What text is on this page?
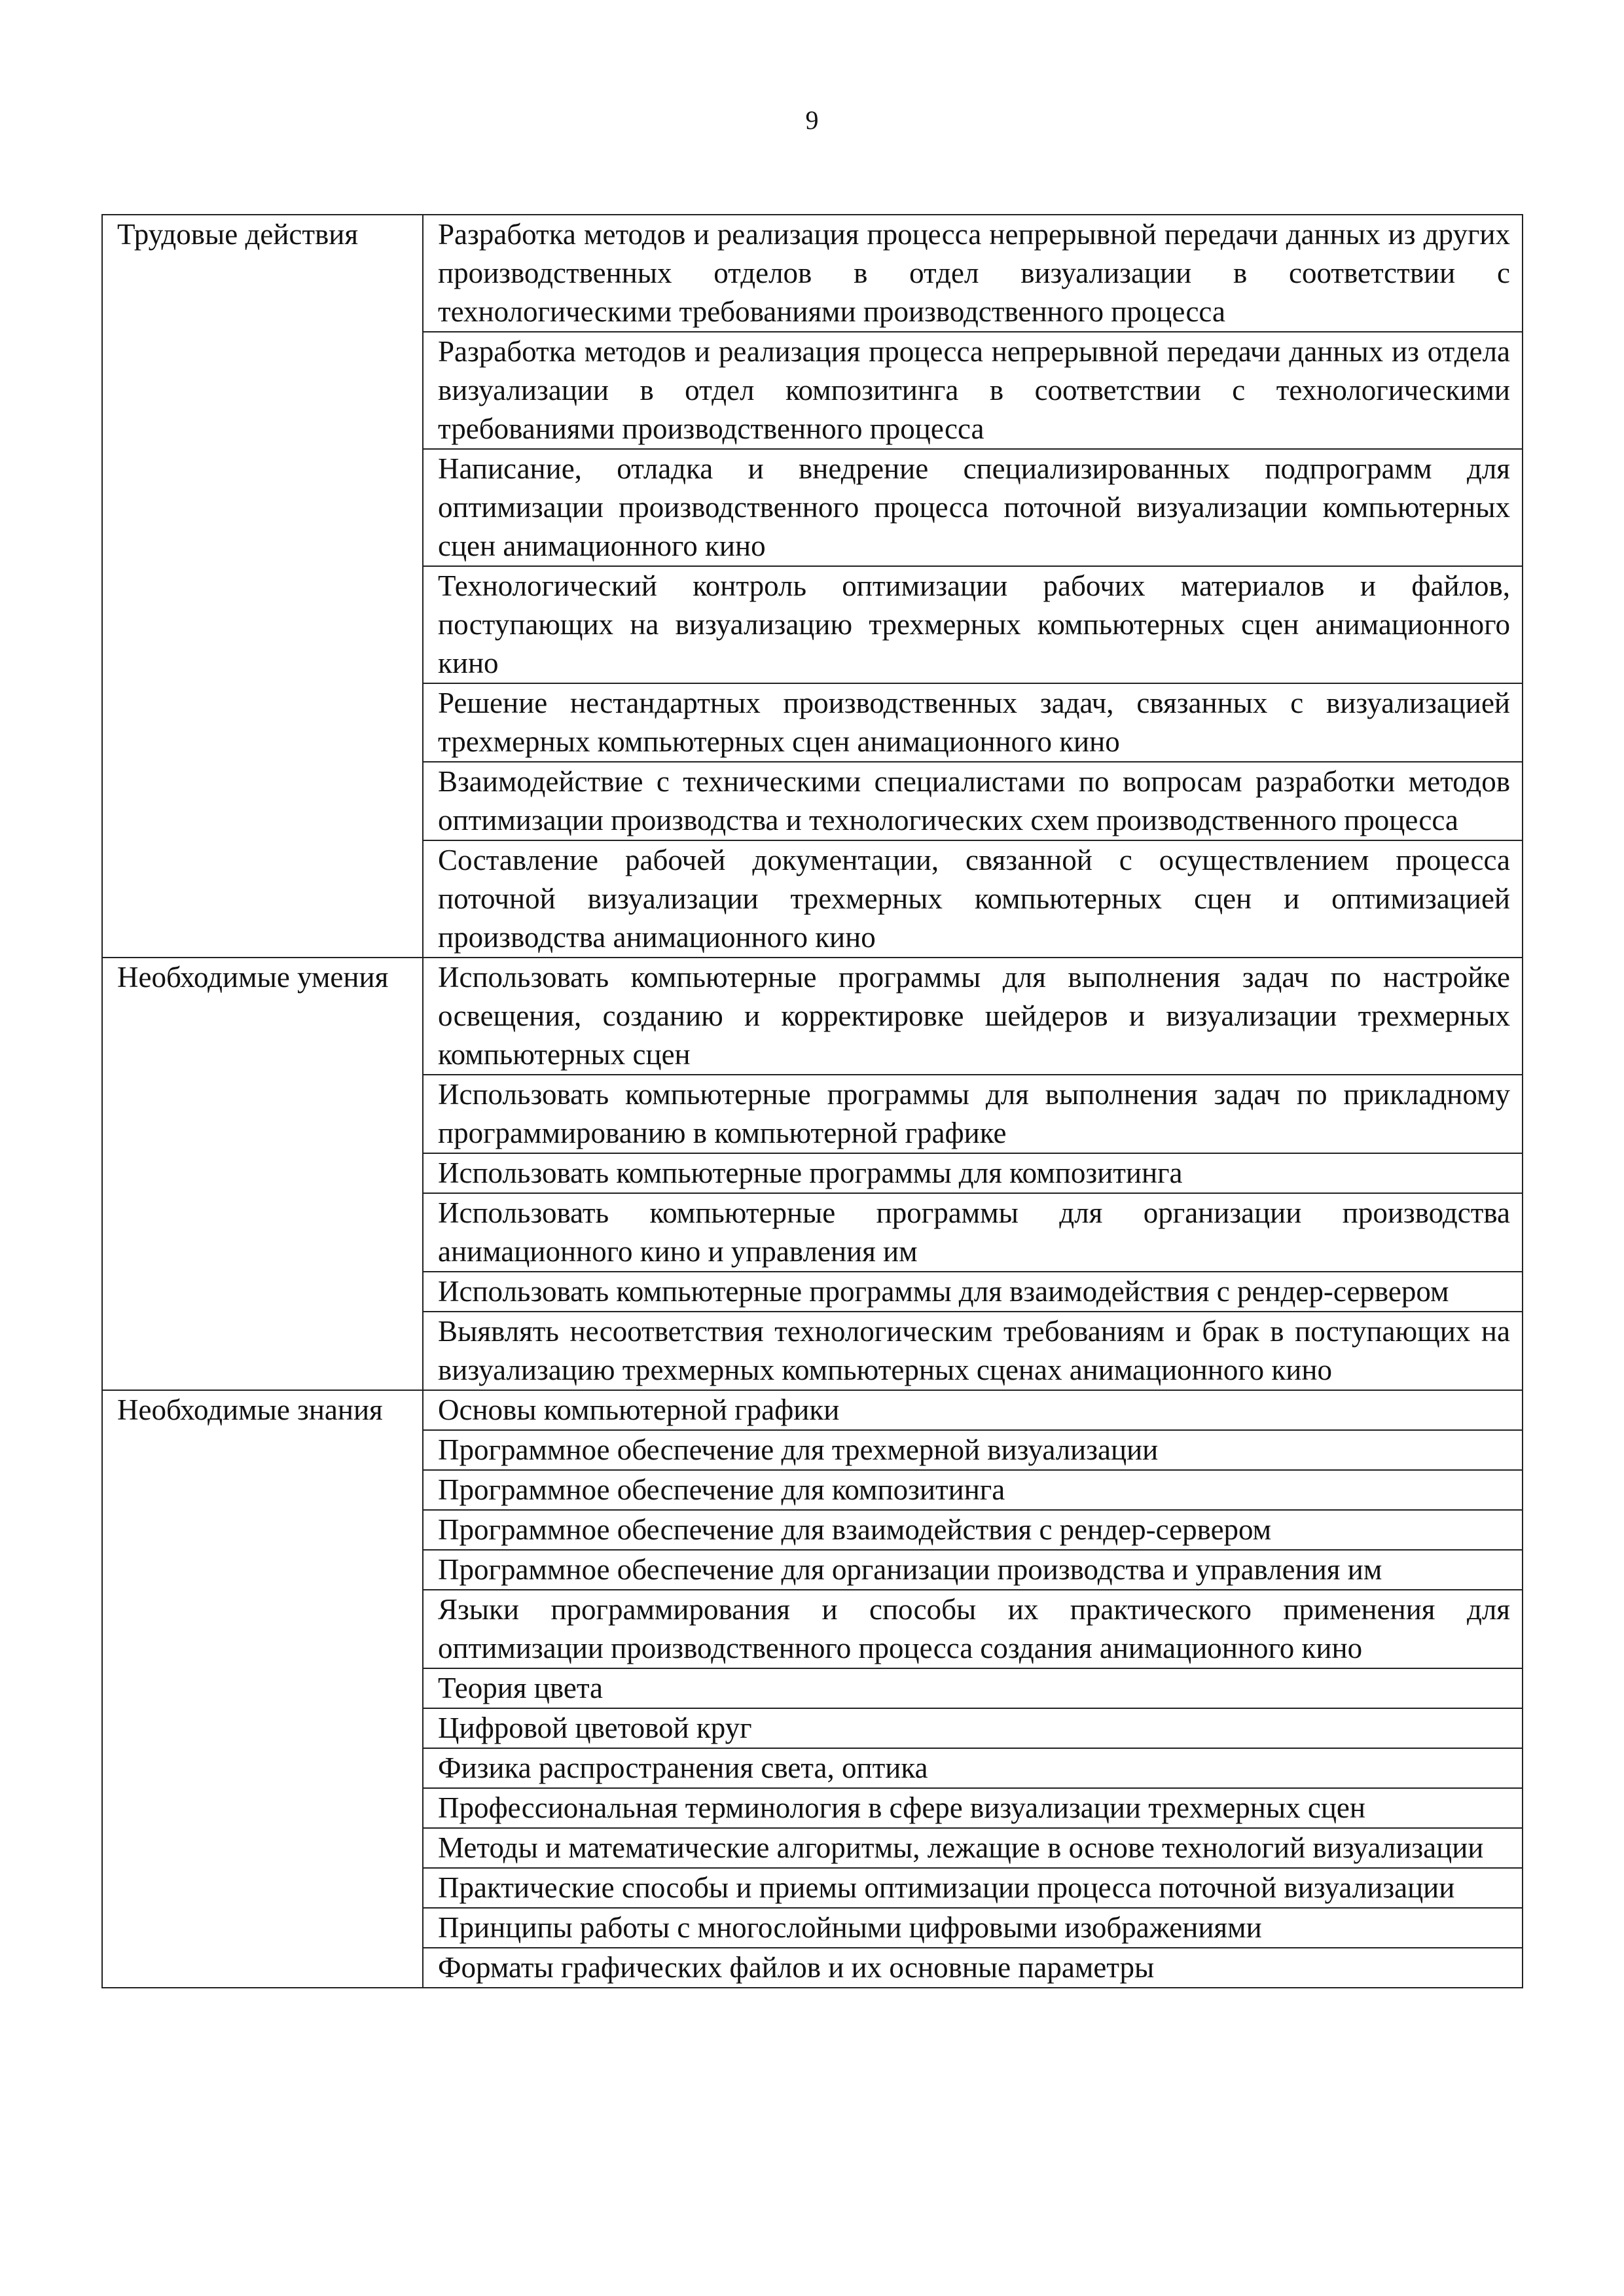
9
Трудовые действия	Разработка методов и реализация процесса непрерывной передачи данных из других производственных отделов в отдел визуализации в соответствии с технологическими требованиями производственного процесса
	Разработка методов и реализация процесса непрерывной передачи данных из отдела визуализации в отдел композитинга в соответствии с технологическими требованиями производственного процесса
	Написание, отладка и внедрение специализированных подпрограмм для оптимизации производственного процесса поточной визуализации компьютерных сцен анимационного кино
	Технологический контроль оптимизации рабочих материалов и файлов, поступающих на визуализацию трехмерных компьютерных сцен анимационного кино
	Решение нестандартных производственных задач, связанных с визуализацией трехмерных компьютерных сцен анимационного кино
	Взаимодействие с техническими специалистами по вопросам разработки методов оптимизации производства и технологических схем производственного процесса
	Составление рабочей документации, связанной с осуществлением процесса поточной визуализации трехмерных компьютерных сцен и оптимизацией производства анимационного кино
Необходимые умения	Использовать компьютерные программы для выполнения задач по настройке освещения, созданию и корректировке шейдеров и визуализации трехмерных компьютерных сцен
	Использовать компьютерные программы для выполнения задач по прикладному программированию в компьютерной графике
	Использовать компьютерные программы для композитинга
	Использовать компьютерные программы для организации производства анимационного кино и управления им
	Использовать компьютерные программы для взаимодействия с рендер-сервером
	Выявлять несоответствия технологическим требованиям и брак в поступающих на визуализацию трехмерных компьютерных сценах анимационного кино
Необходимые знания	Основы компьютерной графики
	Программное обеспечение для трехмерной визуализации
	Программное обеспечение для композитинга
	Программное обеспечение для взаимодействия с рендер-сервером
	Программное обеспечение для организации производства и управления им
	Языки программирования и способы их практического применения для оптимизации производственного процесса создания анимационного кино
	Теория цвета
	Цифровой цветовой круг
	Физика распространения света, оптика
	Профессиональная терминология в сфере визуализации трехмерных сцен
	Методы и математические алгоритмы, лежащие в основе технологий визуализации
	Практические способы и приемы оптимизации процесса поточной визуализации
	Принципы работы с многослойными цифровыми изображениями
	Форматы графических файлов и их основные параметры
